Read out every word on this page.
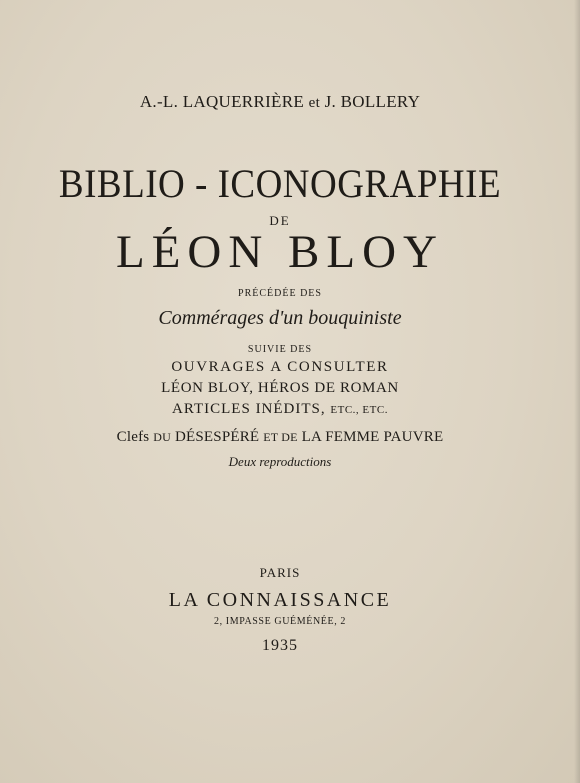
A.-L. LAQUERRIÈRE et J. BOLLERY
BIBLIO - ICONOGRAPHIE
DE
LÉON BLOY
PRÉCÉDÉE DES
Commérages d'un bouquiniste
SUIVIE DES
OUVRAGES A CONSULTER
LÉON BLOY, HÉROS DE ROMAN
ARTICLES INÉDITS, ETC., ETC.
Clefs DU DÉSESPÉRÉ ET DE LA FEMME PAUVRE
Deux reproductions
PARIS
LA CONNAISSANCE
2, IMPASSE GUÉMÉNÉE, 2
1935
